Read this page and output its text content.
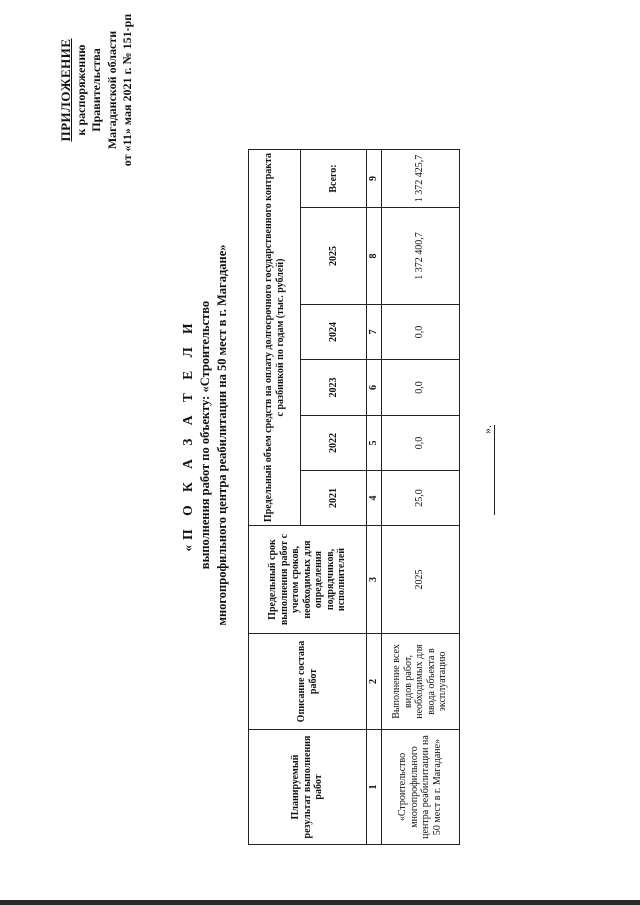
ПРИЛОЖЕНИЕ к распоряжению Правительства Магаданской области от «11» мая 2021 г. № 151-рп
«П О К А З А Т Е Л И выполнения работ по объекту: «Строительство многопрофильного центра реабилитации на 50 мест в г. Магадане»
Планируемый результат выполнения работ	Описание состава работ	Предельный срок выполнения работ с учетом сроков, необходимых для определения подрядчиков, исполнителей	Предельный объем средств на оплату долгосрочного государственного контракта с разбивкой по годам (тыс. рублей)					
			2021	2022	2023	2024	2025	Всего:
1	2	3	4	5	6	7	8	9
«Строительство многопрофильного центра реабилитации на 50 мест в г. Магадане»	Выполнение всех видов работ, необходимых для ввода объекта в эксплуатацию	2025	25,0	0,0	0,0	0,0	1 372 400,7	1 372 425,7
».
